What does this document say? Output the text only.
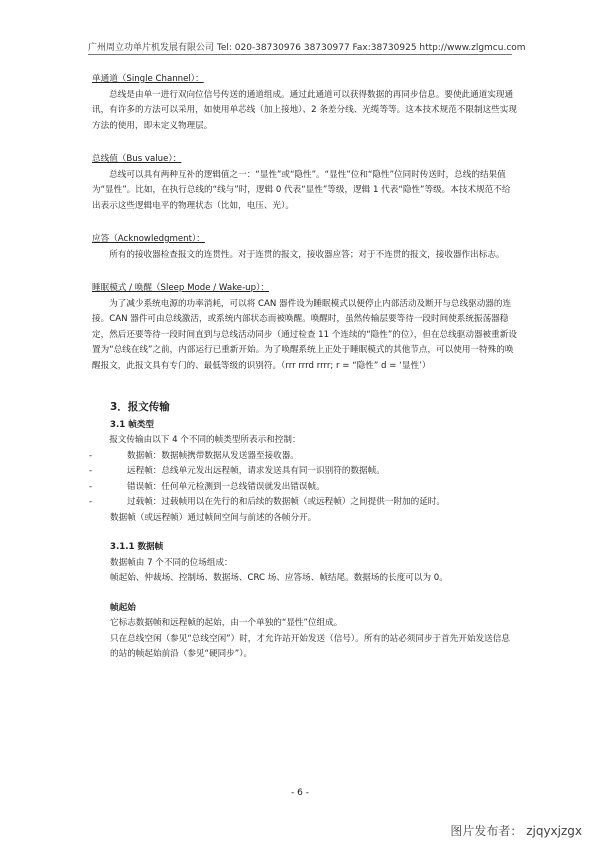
广州周立功单片机发展有限公司 Tel: 020-38730976 38730977 Fax:38730925 http://www.zlgmcu.com
单通道（Single Channel）：

总线是由单一进行双向位信号传送的通道组成。通过此通道可以获得数据的再同步信息。要使此通道实现通讯，有许多的方法可以采用，如使用单芯线（加上接地）、2 条差分线、光缆等等。这本技术规范不限制这些实现方法的使用，即未定义物理层。

总线值（Bus value）：

总线可以具有两种互补的逻辑值之一：“显性”或“隐性”。“显性”位和“隐性”位同时传送时，总线的结果值为“显性”。比如，在执行总线的“线与”时，逻辑 0 代表“显性”等级，逻辑 1 代表“隐性”等级。本技术规范不给出表示这些逻辑电平的物理状态（比如，电压、光）。

应答（Acknowledgment）：

所有的接收器检查报文的连贯性。对于连贯的报文，接收器应答；对于不连贯的报文，接收器作出标志。

睡眠模式 / 唤醒（Sleep Mode / Wake-up）：

为了减少系统电源的功率消耗，可以将 CAN 器件设为睡眠模式以便停止内部活动及断开与总线驱动器的连接。CAN 器件可由总线激活，或系统内部状态而被唤醒。唤醒时，虽然传输层要等待一段时间使系统振荡器稳定，然后还要等待一段时间直到与总线活动同步（通过检查 11 个连续的“隐性”的位），但在总线驱动器被重新设置为“总线在线”之前，内部运行已重新开始。为了唤醒系统上正处于睡眠模式的其他节点，可以使用一特殊的唤醒报文，此报文具有专门的、最低等级的识别符。（rrr rrrd rrrr; r = “隐性” d = ‘显性’）

3．报文传输
3.1 帧类型

报文传输由以下 4 个不同的帧类型所表示和控制：

-	数据帧：数据帧携带数据从发送器至接收器。
-	远程帧：总线单元发出远程帧，请求发送具有同一识别符的数据帧。
-	错误帧：任何单元检测到一总线错误就发出错误帧。
-	过载帧：过载帧用以在先行的和后续的数据帧（或远程帧）之间提供一附加的延时。

数据帧（或远程帧）通过帧间空间与前述的各帧分开。

3.1.1 数据帧

数据帧由 7 个不同的位场组成：

帧起始、仲裁场、控制场、数据场、CRC 场、应答场、帧结尾。数据场的长度可以为 0。

帧起始

它标志数据帧和远程帧的起始，由一个单独的“显性”位组成。

只在总线空闲（参见“总线空闲”）时，才允许站开始发送（信号）。所有的站必须同步于首先开始发送信息的站的帧起始前沿（参见“硬同步”）。

- 6 -
图片发布者： zjqyxjzgx
